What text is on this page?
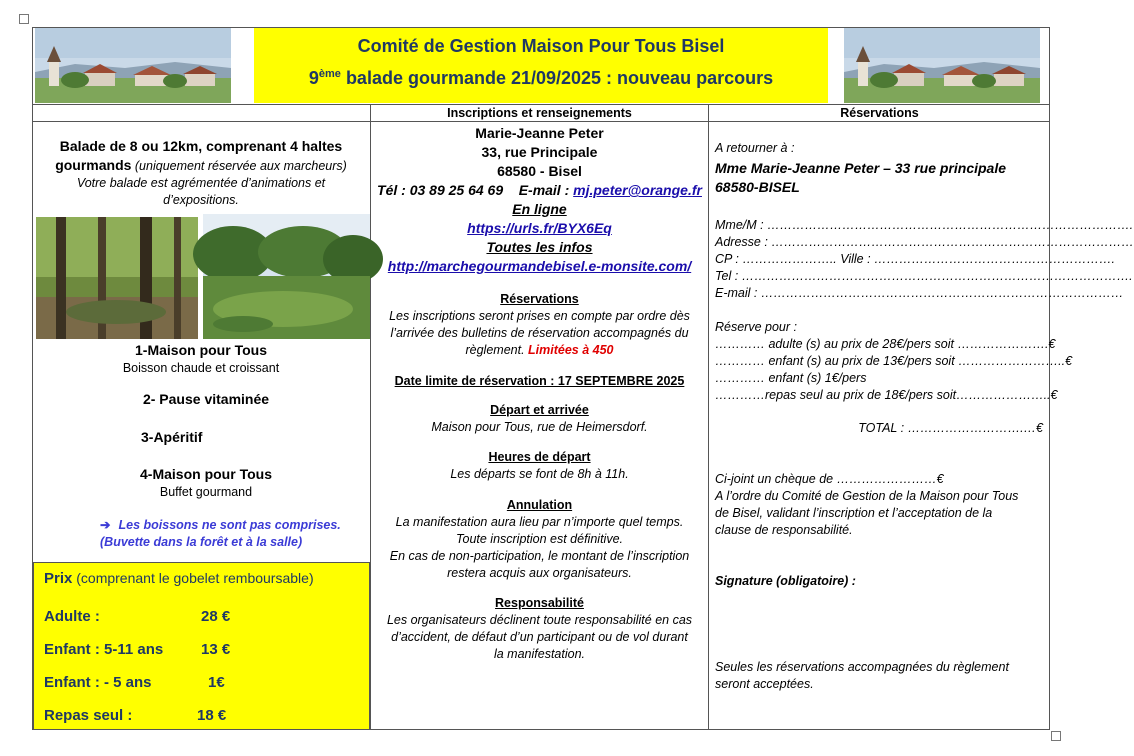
Comité de Gestion Maison Pour Tous Bisel
9ème balade gourmande 21/09/2025 : nouveau parcours
Inscriptions et renseignements	Réservations
Balade de 8 ou 12km, comprenant 4 haltes
gourmands (uniquement réservée aux marcheurs)
Votre balade est agrémentée d’animations et
d’expositions.
1-Maison pour Tous
Boisson chaude et croissant
2- Pause vitaminée
3-Apéritif
4-Maison pour Tous
Buffet gourmand
➔ Les boissons ne sont pas comprises.
(Buvette dans la forêt et à la salle)
Prix (comprenant le gobelet remboursable)
Adulte :	28 €
Enfant : 5-11 ans	13 €
Enfant : - 5 ans	1€
Repas seul :	18 €
Marie-Jeanne Peter
33, rue Principale
68580 - Bisel
Tél : 03 89 25 64 69 E-mail : mj.peter@orange.fr
En ligne
https://urls.fr/BYX6Eq
Toutes les infos
http://marchegourmandebisel.e-monsite.com/
Réservations
Les inscriptions seront prises en compte par ordre dès
l’arrivée des bulletins de réservation accompagnés du
règlement. Limitées à 450
Date limite de réservation : 17 SEPTEMBRE 2025
Départ et arrivée
Maison pour Tous, rue de Heimersdorf.
Heures de départ
Les départs se font de 8h à 11h.
Annulation
La manifestation aura lieu par n’importe quel temps.
Toute inscription est définitive.
En cas de non-participation, le montant de l’inscription
restera acquis aux organisateurs.
Responsabilité
Les organisateurs déclinent toute responsabilité en cas
d’accident, de défaut d’un participant ou de vol durant
la manifestation.
A retourner à :
Mme Marie-Jeanne Peter – 33 rue principale
68580-BISEL
Mme/M : …………………………………………………………………………….
Adresse : ……………………………………………………………………………
CP : ………………….. Ville : ………………………………………………….
Tel : ………………………………………………………………………………….
E-mail : ……………………………………………………………………………
Réserve pour :
………… adulte (s) au prix de 28€/pers soit ………………….€
………… enfant (s) au prix de 13€/pers soit ……………………..€
………… enfant (s) 1€/pers
…………repas seul au prix de 18€/pers soit…………………..€
TOTAL : ……………………….…€
Ci-joint un chèque de ……………………€
A l’ordre du Comité de Gestion de la Maison pour Tous
de Bisel, validant l’inscription et l’acceptation de la
clause de responsabilité.
Signature (obligatoire) :
Seules les réservations accompagnées du règlement
seront acceptées.
